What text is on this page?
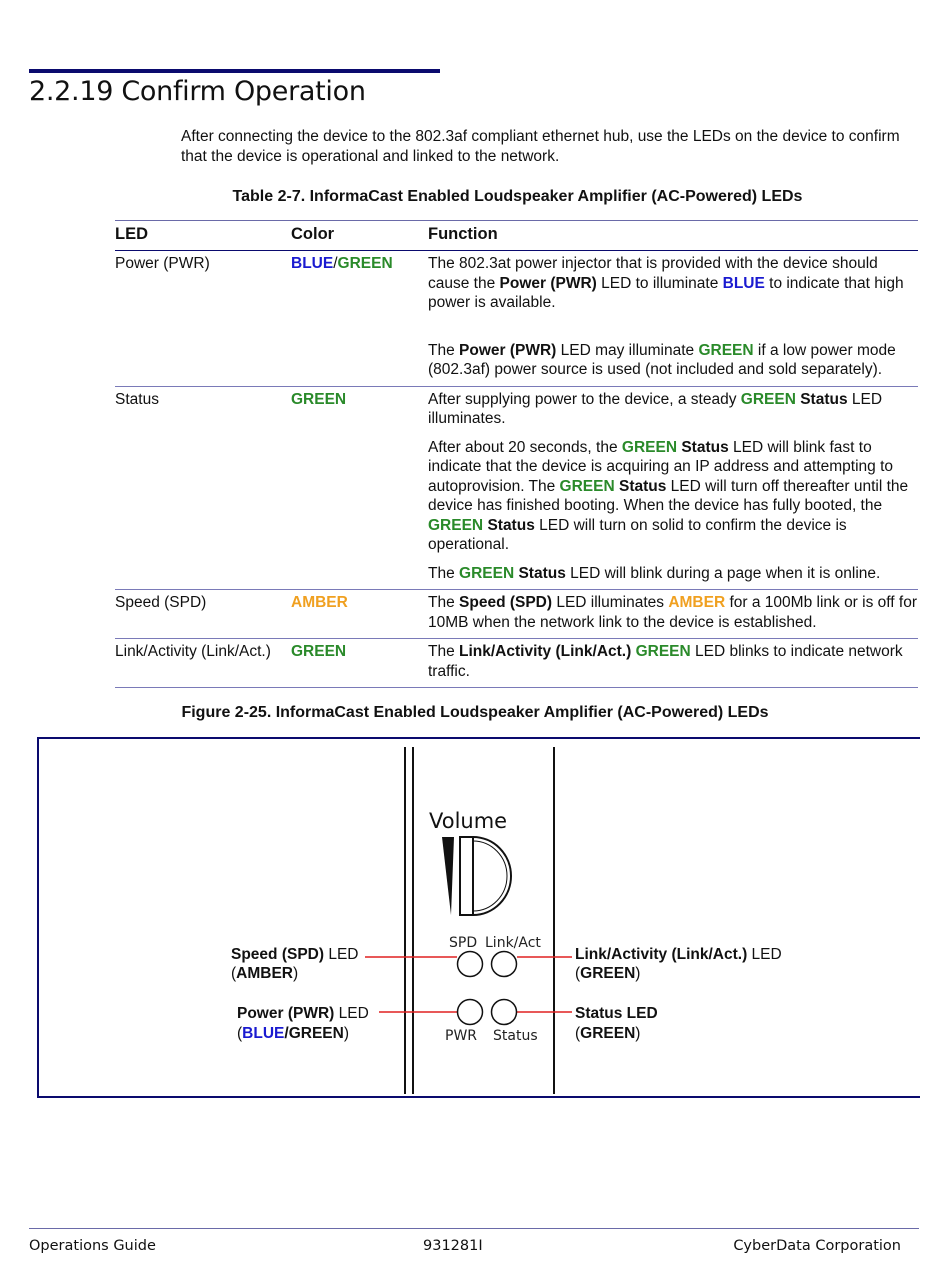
2.2.19 Confirm Operation
After connecting the device to the 802.3af compliant ethernet hub, use the LEDs on the device to confirm that the device is operational and linked to the network.
Table 2-7. InformaCast Enabled Loudspeaker Amplifier (AC-Powered) LEDs
LED	Color	Function
Power (PWR)	BLUE/GREEN	The 802.3at power injector that is provided with the device should cause the Power (PWR) LED to illuminate BLUE to indicate that high power is available.

The Power (PWR) LED may illuminate GREEN if a low power mode (802.3af) power source is used (not included and sold separately).

Status	GREEN	After supplying power to the device, a steady GREEN Status LED illuminates.

After about 20 seconds, the GREEN Status LED will blink fast to indicate that the device is acquiring an IP address and attempting to autoprovision. The GREEN Status LED will turn off thereafter until the device has finished booting. When the device has fully booted, the GREEN Status LED will turn on solid to confirm the device is operational.

The GREEN Status LED will blink during a page when it is online.

Speed (SPD)	AMBER	The Speed (SPD) LED illuminates AMBER for a 100Mb link or is off for 10MB when the network link to the device is established.

Link/Activity (Link/Act.)	GREEN	The Link/Activity (Link/Act.) GREEN LED blinks to indicate network traffic.

Figure 2-25. InformaCast Enabled Loudspeaker Amplifier (AC-Powered) LEDs
Volume
SPD Link/Act
PWR Status
Speed (SPD) LED
(AMBER)
Power (PWR) LED
(BLUE/GREEN)
Link/Activity (Link/Act.) LED
(GREEN)
Status LED
(GREEN)
Operations Guide	931281I	CyberData Corporation
